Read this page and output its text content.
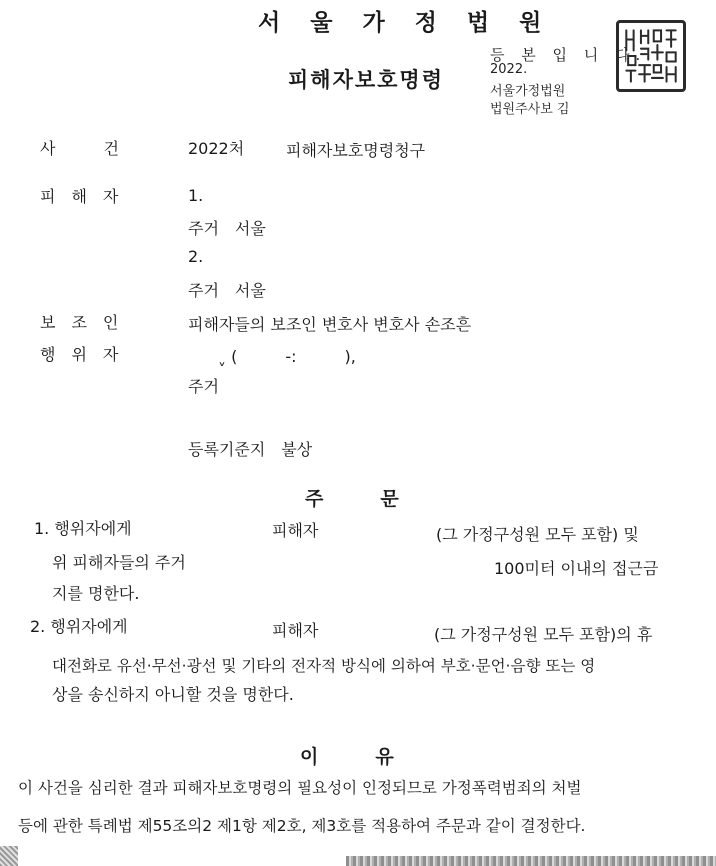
서 울 가 정 법 원
피해자보호명령
등 본 입 니 다.
2022.
서울가정법원
법원주사보 김
사　　　건	2022처	피해자보호명령청구
피　해　자	1.
주거　서울
2.
주거　서울
보　조　인	피해자들의 보조인 변호사 변호사 손조흔
행　위　자	ˬ (　　　-:　　　),
주거
등록기준지　불상
주　　　문
1. 행위자에게	피해자	(그 가정구성원 모두 포함) 및
위 피해자들의 주거	100미터 이내의 접근금
지를 명한다.
2. 행위자에게	피해자	(그 가정구성원 모두 포함)의 휴
대전화로 유선·무선·광선 및 기타의 전자적 방식에 의하여 부호·문언·음향 또는 영
상을 송신하지 아니할 것을 명한다.
이　　　유
이 사건을 심리한 결과 피해자보호명령의 필요성이 인정되므로 가정폭력범죄의 처벌
등에 관한 특례법 제55조의2 제1항 제2호, 제3호를 적용하여 주문과 같이 결정한다.
